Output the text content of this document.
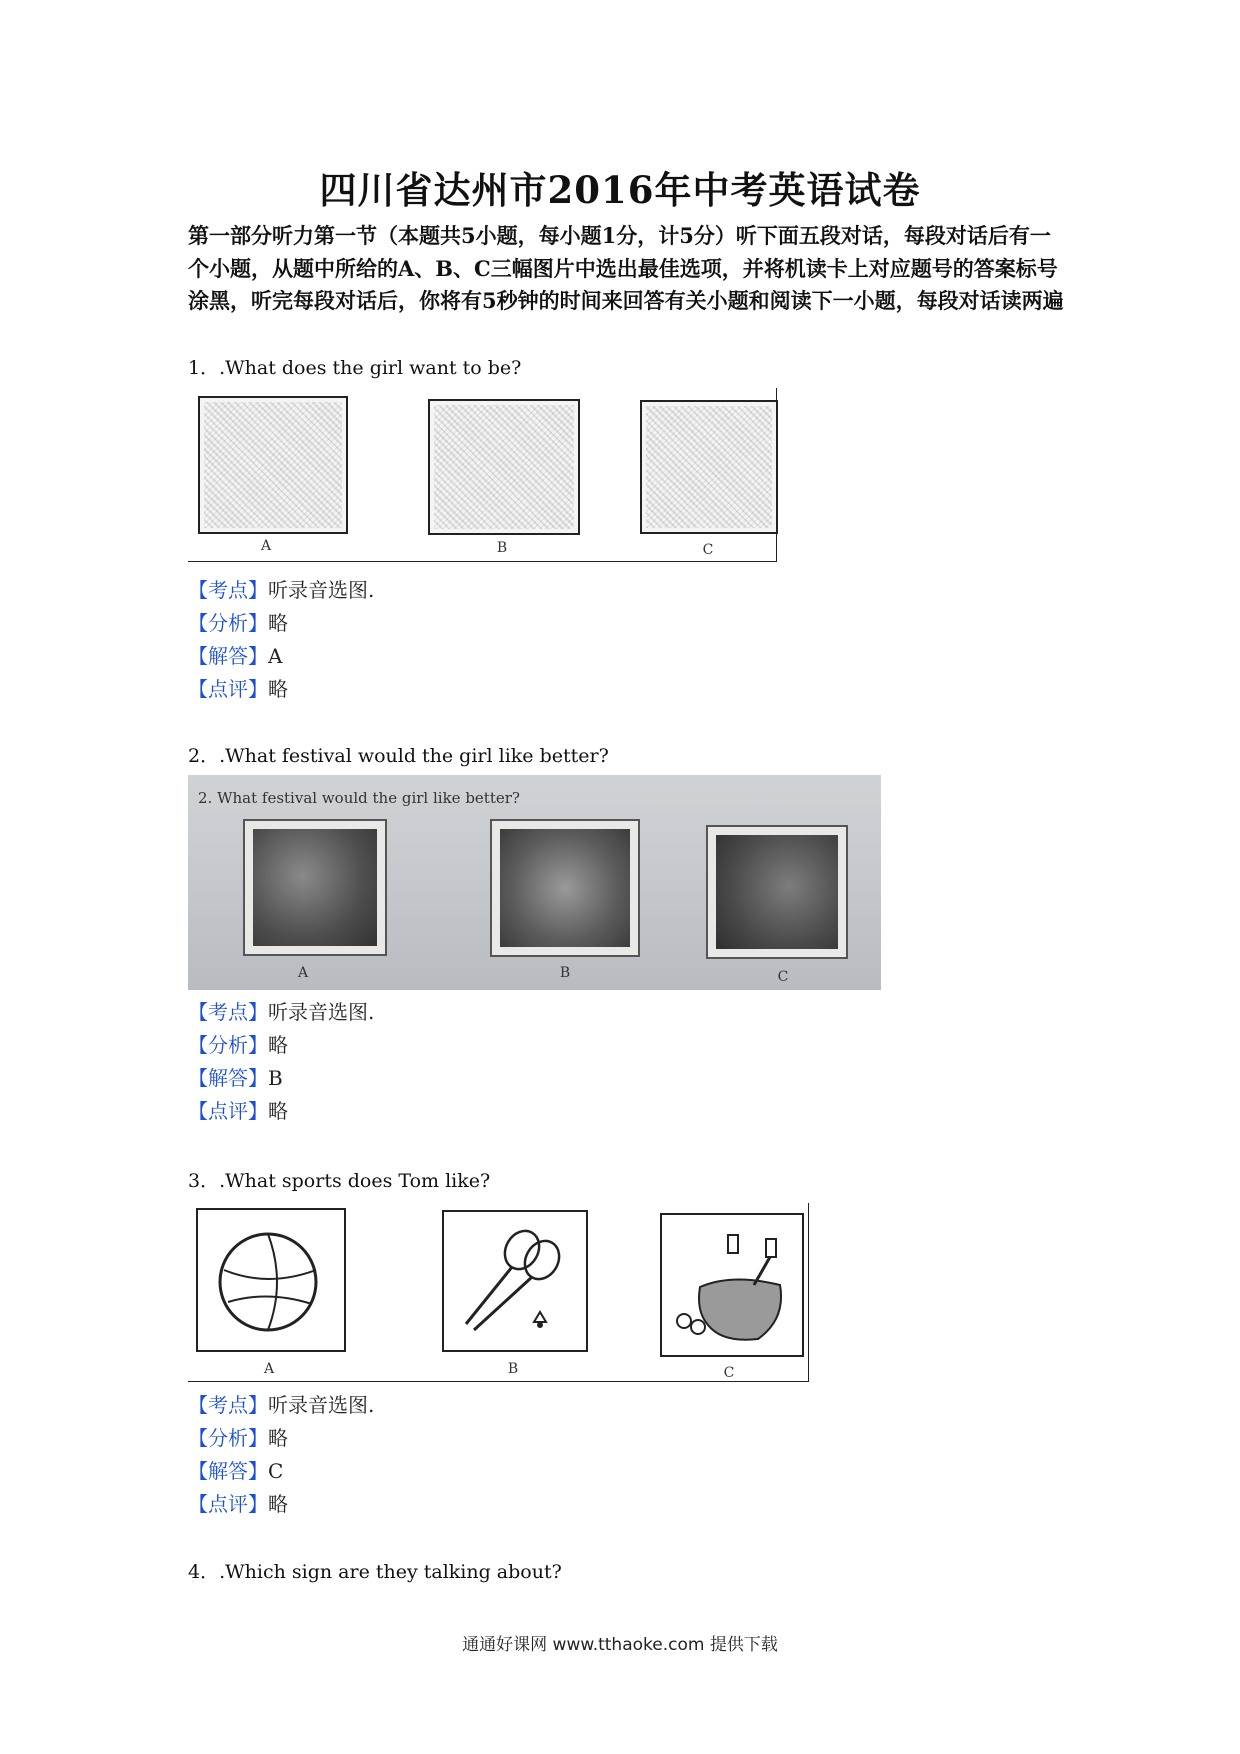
四川省达州市2016年中考英语试卷
第一部分听力第一节（本题共5小题，每小题1分，计5分）听下面五段对话，每段对话后有一个小题，从题中所给的A、B、C三幅图片中选出最佳选项，并将机读卡上对应题号的答案标号涂黑，听完每段对话后，你将有5秒钟的时间来回答有关小题和阅读下一小题，每段对话读两遍
1．.What does the girl want to be?
A	B	C
【考点】听录音选图.
【分析】略
【解答】A
【点评】略
2．.What festival would the girl like better?
2. What festival would the girl like better?
A	B	C
【考点】听录音选图.
【分析】略
【解答】B
【点评】略
3．.What sports does Tom like?
A	B	C
【考点】听录音选图.
【分析】略
【解答】C
【点评】略
4．.Which sign are they talking about?
通通好课网 www.tthaoke.com 提供下载
